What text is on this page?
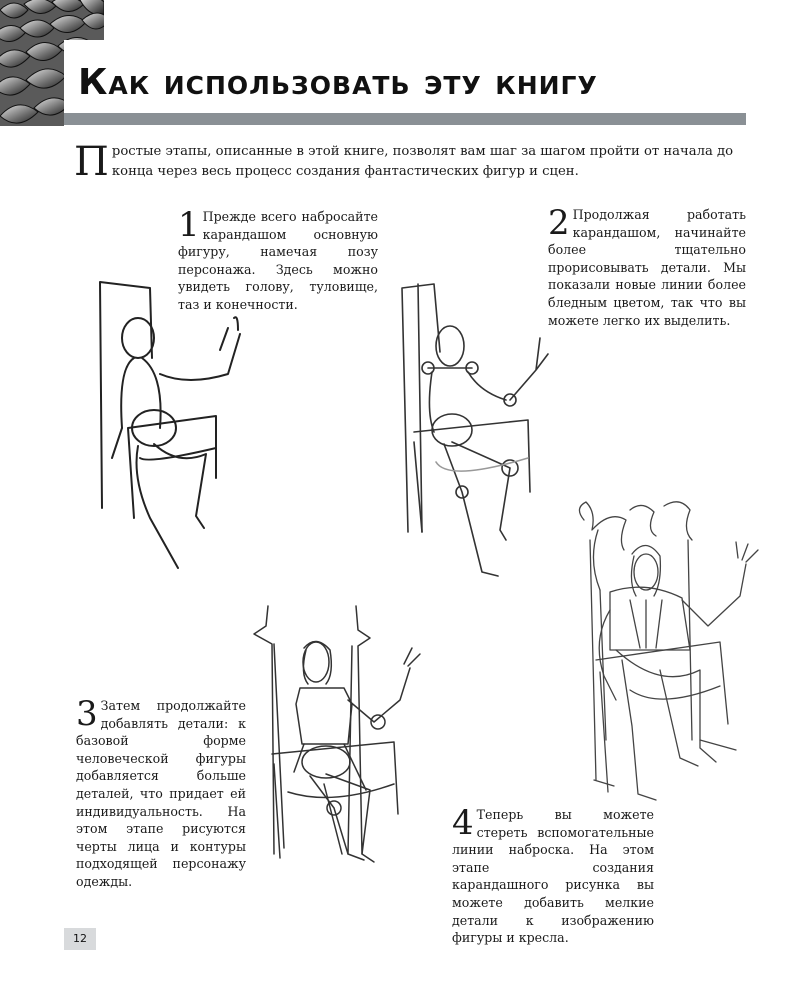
Как использовать эту книгу

Простые этапы, описанные в этой книге, позволят вам шаг за шагом пройти от начала до конца через весь процесс создания фантастических фигур и сцен.

1 Прежде всего набросайте карандашом основную фигуру, намечая позу персонажа. Здесь можно увидеть голову, туловище, таз и конечности.

2 Продолжая работать карандашом, начинайте более тщательно прорисовывать детали. Мы показали новые линии более бледным цветом, так что вы можете легко их выделить.

3 Затем продолжайте добавлять детали: к базовой форме человеческой фигуры добавляется больше деталей, что придает ей индивидуальность. На этом этапе рисуются черты лица и контуры подходящей персонажу одежды.

4 Теперь вы можете стереть вспомогательные линии наброска. На этом этапе создания карандашного рисунка вы можете добавить мелкие детали к изображению фигуры и кресла.

12
